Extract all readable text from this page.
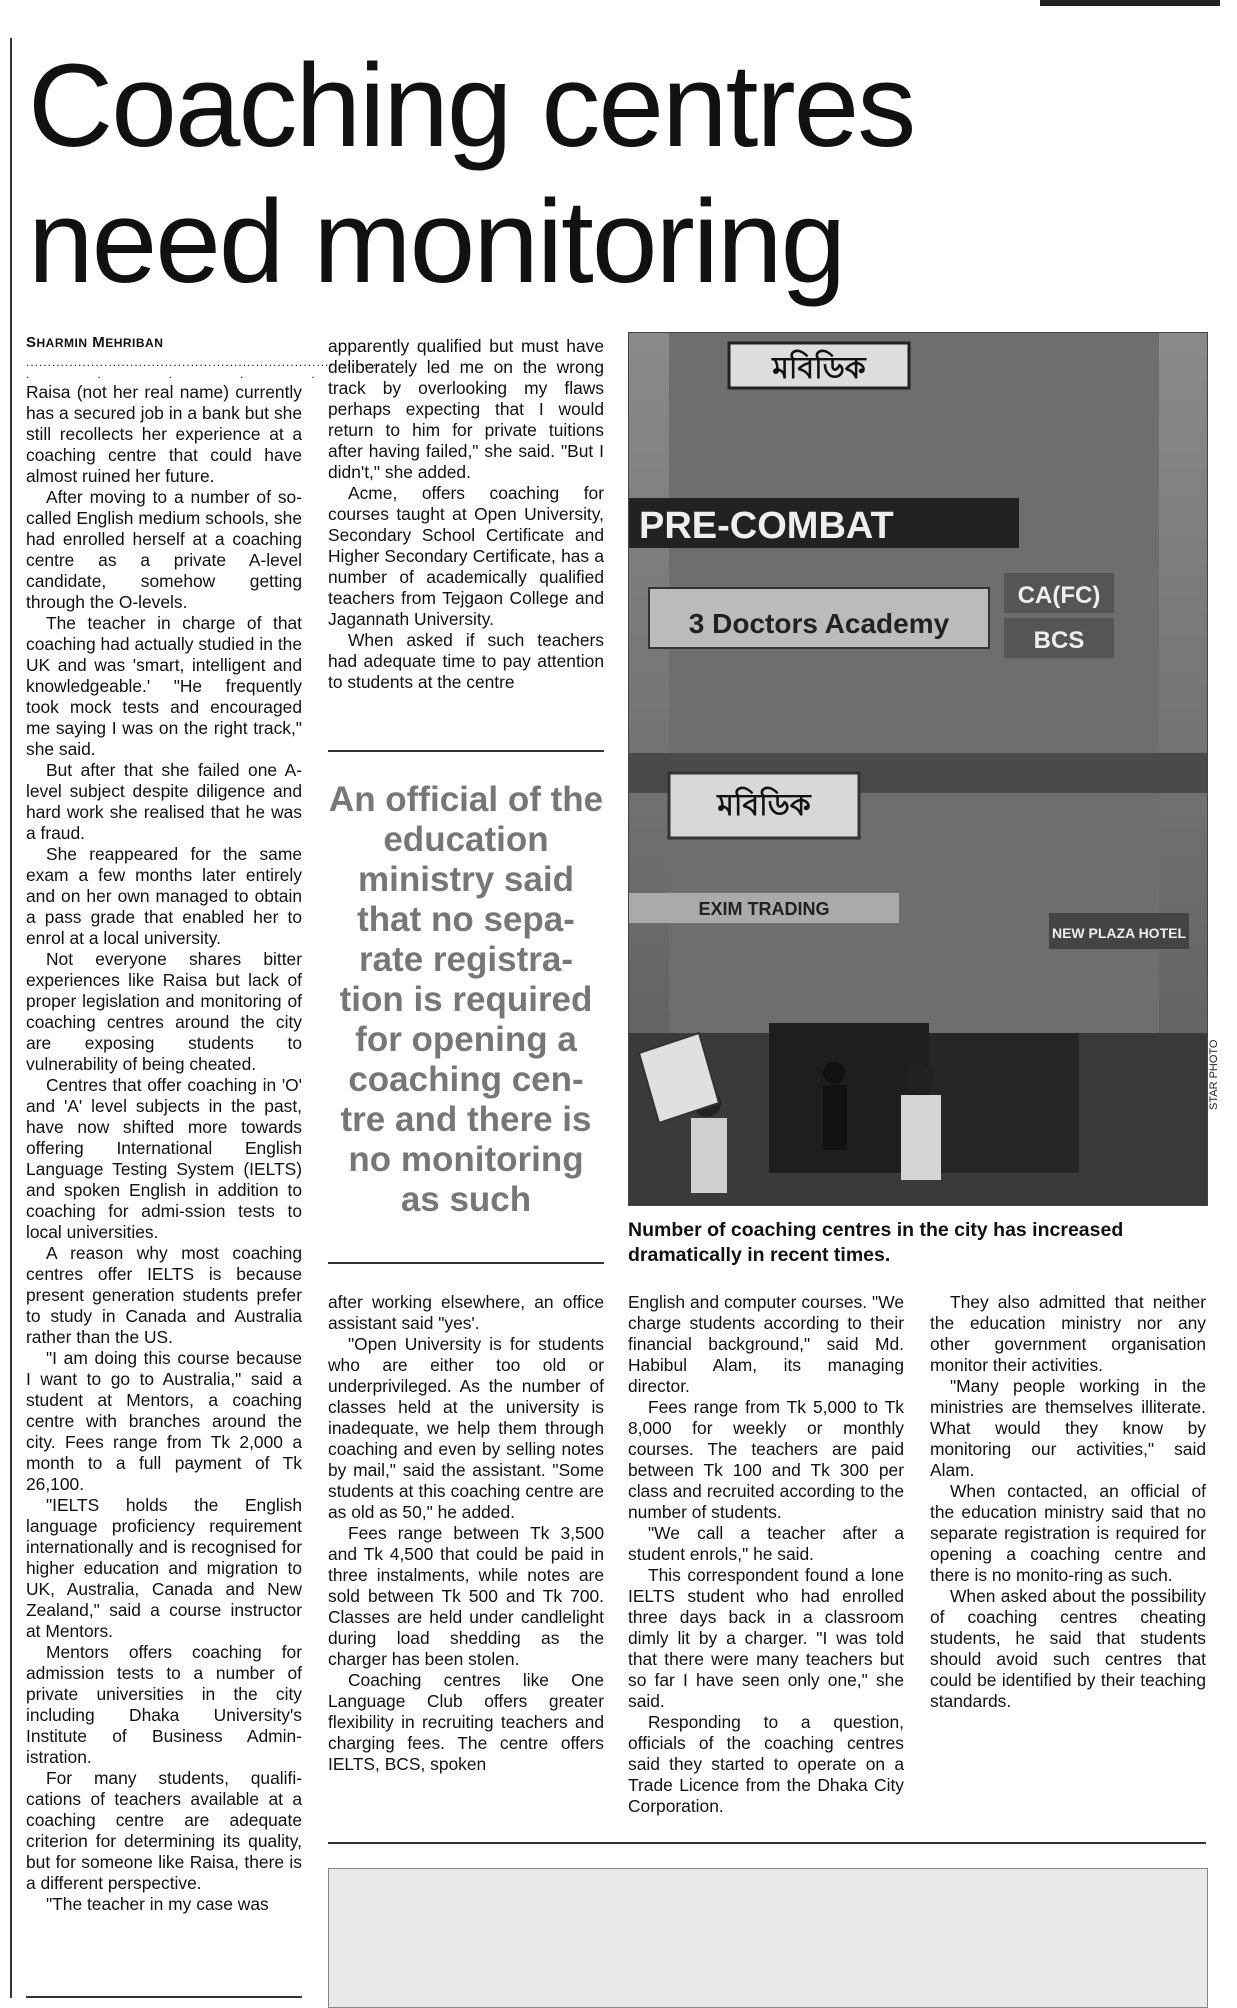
Coaching centres need monitoring
SHARMIN MEHRIBAN
..................................................................................
.....

Raisa (not her real name) currently has a secured job in a bank but she still recollects her experience at a coaching centre that could have almost ruined her future.

After moving to a number of so-called English medium schools, she had enrolled herself at a coaching centre as a private A-level candidate, somehow getting through the O-levels.

The teacher in charge of that coaching had actually studied in the UK and was 'smart, intelligent and knowledgeable.' "He frequently took mock tests and encouraged me saying I was on the right track," she said.

But after that she failed one A-level subject despite diligence and hard work she realised that he was a fraud.

She reappeared for the same exam a few months later entirely and on her own managed to obtain a pass grade that enabled her to enrol at a local university.

Not everyone shares bitter experiences like Raisa but lack of proper legislation and monitoring of coaching centres around the city are exposing students to vulnerability of being cheated.

Centres that offer coaching in 'O' and 'A' level subjects in the past, have now shifted more towards offering International English Language Testing System (IELTS) and spoken English in addition to coaching for admi-ssion tests to local universities.

A reason why most coaching centres offer IELTS is because present generation students prefer to study in Canada and Australia rather than the US.

"I am doing this course because I want to go to Australia," said a student at Mentors, a coaching centre with branches around the city. Fees range from Tk 2,000 a month to a full payment of Tk 26,100.

"IELTS holds the English language proficiency requirement internationally and is recognised for higher education and migration to UK, Australia, Canada and New Zealand," said a course instructor at Mentors.

Mentors offers coaching for admission tests to a number of private universities in the city including Dhaka University's Institute of Business Admin-istration.

For many students, qualifi-cations of teachers available at a coaching centre are adequate criterion for determining its quality, but for someone like Raisa, there is a different perspective.

"The teacher in my case was

apparently qualified but must have deliberately led me on the wrong track by overlooking my flaws perhaps expecting that I would return to him for private tuitions after having failed," she said. "But I didn't," she added.

Acme, offers coaching for courses taught at Open University, Secondary School Certificate and Higher Secondary Certificate, has a number of academically qualified teachers from Tejgaon College and Jagannath University.

When asked if such teachers had adequate time to pay attention to students at the centre

An official of the education ministry said that no sepa-rate registra-tion is required for opening a coaching cen-tre and there is no monitoring as such
মবিডিক
PRE-COMBAT
3 Doctors Academy
CA(FC)
BCS
মবিডিক
NEW PLAZA HOTEL
EXIM TRADING
STAR PHOTO
Number of coaching centres in the city has increased dramatically in recent times.

after working elsewhere, an office assistant said "yes'.

"Open University is for students who are either too old or underprivileged. As the number of classes held at the university is inadequate, we help them through coaching and even by selling notes by mail," said the assistant. "Some students at this coaching centre are as old as 50," he added.

Fees range between Tk 3,500 and Tk 4,500 that could be paid in three instalments, while notes are sold between Tk 500 and Tk 700. Classes are held under candlelight during load shedding as the charger has been stolen.

Coaching centres like One Language Club offers greater flexibility in recruiting teachers and charging fees. The centre offers IELTS, BCS, spoken

English and computer courses. "We charge students according to their financial background," said Md. Habibul Alam, its managing director.

Fees range from Tk 5,000 to Tk 8,000 for weekly or monthly courses. The teachers are paid between Tk 100 and Tk 300 per class and recruited according to the number of students.

"We call a teacher after a student enrols," he said.

This correspondent found a lone IELTS student who had enrolled three days back in a classroom dimly lit by a charger. "I was told that there were many teachers but so far I have seen only one," she said.

Responding to a question, officials of the coaching centres said they started to operate on a Trade Licence from the Dhaka City Corporation.

They also admitted that neither the education ministry nor any other government organisation monitor their activities.

"Many people working in the ministries are themselves illiterate. What would they know by monitoring our activities," said Alam.

When contacted, an official of the education ministry said that no separate registration is required for opening a coaching centre and there is no monito-ring as such.

When asked about the possibility of coaching centres cheating students, he said that students should avoid such centres that could be identified by their teaching standards.
